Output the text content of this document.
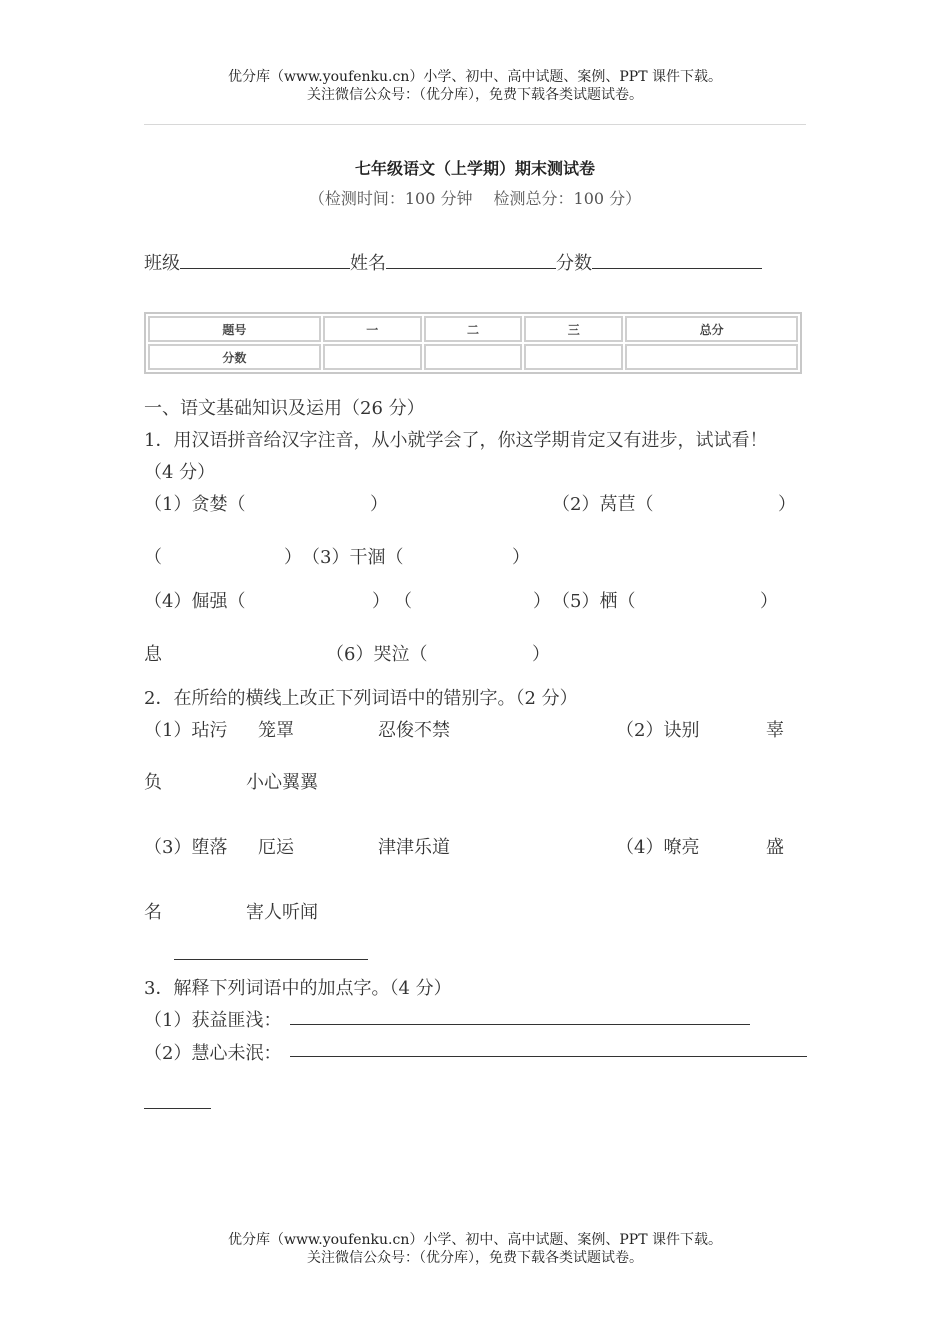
优分库（www.youfenku.cn）小学、初中、高中试题、案例、PPT 课件下载。
关注微信公众号：（优分库），免费下载各类试题试卷。
七年级语文（上学期）期末测试卷
（检测时间：100 分钟　 检测总分：100 分）
班级	姓名	分数
题号	一	二	三	总分
分数				
一、语文基础知识及运用（26 分）
1．用汉语拼音给汉字注音，从小就学会了，你这学期肯定又有进步，试试看！
（4 分）
（1）贪婪（	）	（2）莴苣（	）
（	） （3）干涸（	）
（4）倔强（	） （	） （5）栖（	）
息	（6）哭泣（	）
2．在所给的横线上改正下列词语中的错别字。（2 分）
（1）玷污 笼罩	忍俊不禁	（2）诀别	辜
负	小心翼翼
（3）堕落 厄运	津津乐道	（4）嘹亮	盛
名	害人听闻
3．解释下列词语中的加点字。（4 分）
（1）获益匪浅：
（2）慧心未泯：
优分库（www.youfenku.cn）小学、初中、高中试题、案例、PPT 课件下载。
关注微信公众号：（优分库），免费下载各类试题试卷。
